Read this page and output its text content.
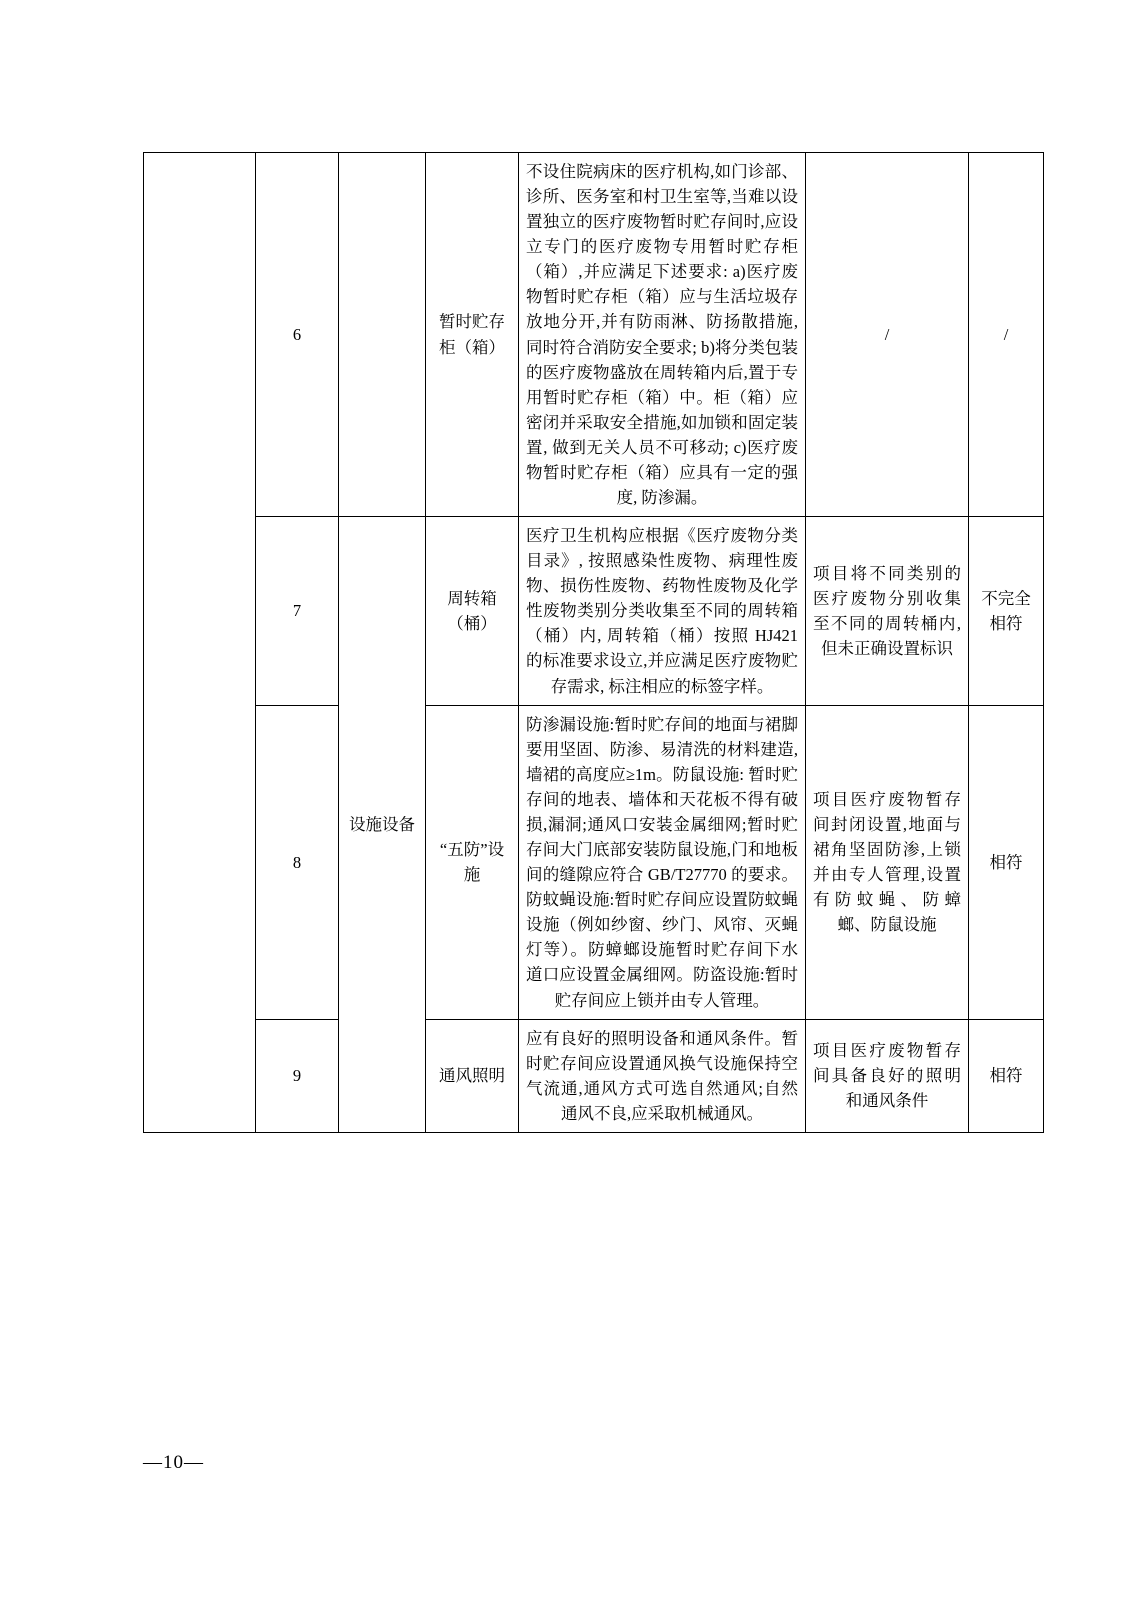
	6		暂时贮存柜（箱）	不设住院病床的医疗机构,如门诊部、诊所、医务室和村卫生室等,当难以设置独立的医疗废物暂时贮存间时,应设立专门的医疗废物专用暂时贮存柜（箱）,并应满足下述要求: a)医疗废物暂时贮存柜（箱）应与生活垃圾存放地分开,并有防雨淋、防扬散措施,同时符合消防安全要求; b)将分类包装的医疗废物盛放在周转箱内后,置于专用暂时贮存柜（箱）中。柜（箱）应密闭并采取安全措施,如加锁和固定装置, 做到无关人员不可移动; c)医疗废物暂时贮存柜（箱）应具有一定的强度, 防渗漏。	/	/
	7	设施设备	周转箱（桶）	医疗卫生机构应根据《医疗废物分类目录》, 按照感染性废物、病理性废物、损伤性废物、药物性废物及化学性废物类别分类收集至不同的周转箱（桶）内, 周转箱（桶）按照 HJ421 的标准要求设立,并应满足医疗废物贮存需求, 标注相应的标签字样。	项目将不同类别的医疗废物分别收集至不同的周转桶内,但未正确设置标识	不完全相符
	8		“五防”设施	防渗漏设施:暂时贮存间的地面与裙脚要用坚固、防渗、易清洗的材料建造,墙裙的高度应≥1m。防鼠设施: 暂时贮存间的地表、墙体和天花板不得有破损,漏洞;通风口安装金属细网;暂时贮存间大门底部安装防鼠设施,门和地板间的缝隙应符合 GB/T27770 的要求。 防蚊蝇设施:暂时贮存间应设置防蚊蝇设施（例如纱窗、纱门、风帘、灭蝇灯等）。防蟑螂设施暂时贮存间下水道口应设置金属细网。防盗设施:暂时贮存间应上锁并由专人管理。	项目医疗废物暂存间封闭设置,地面与裙角坚固防渗,上锁并由专人管理,设置有防蚊蝇、防蟑螂、防鼠设施	相符
	9		通风照明	应有良好的照明设备和通风条件。暂时贮存间应设置通风换气设施保持空气流通,通风方式可选自然通风;自然通风不良,应采取机械通风。	项目医疗废物暂存间具备良好的照明和通风条件	相符
—10—
